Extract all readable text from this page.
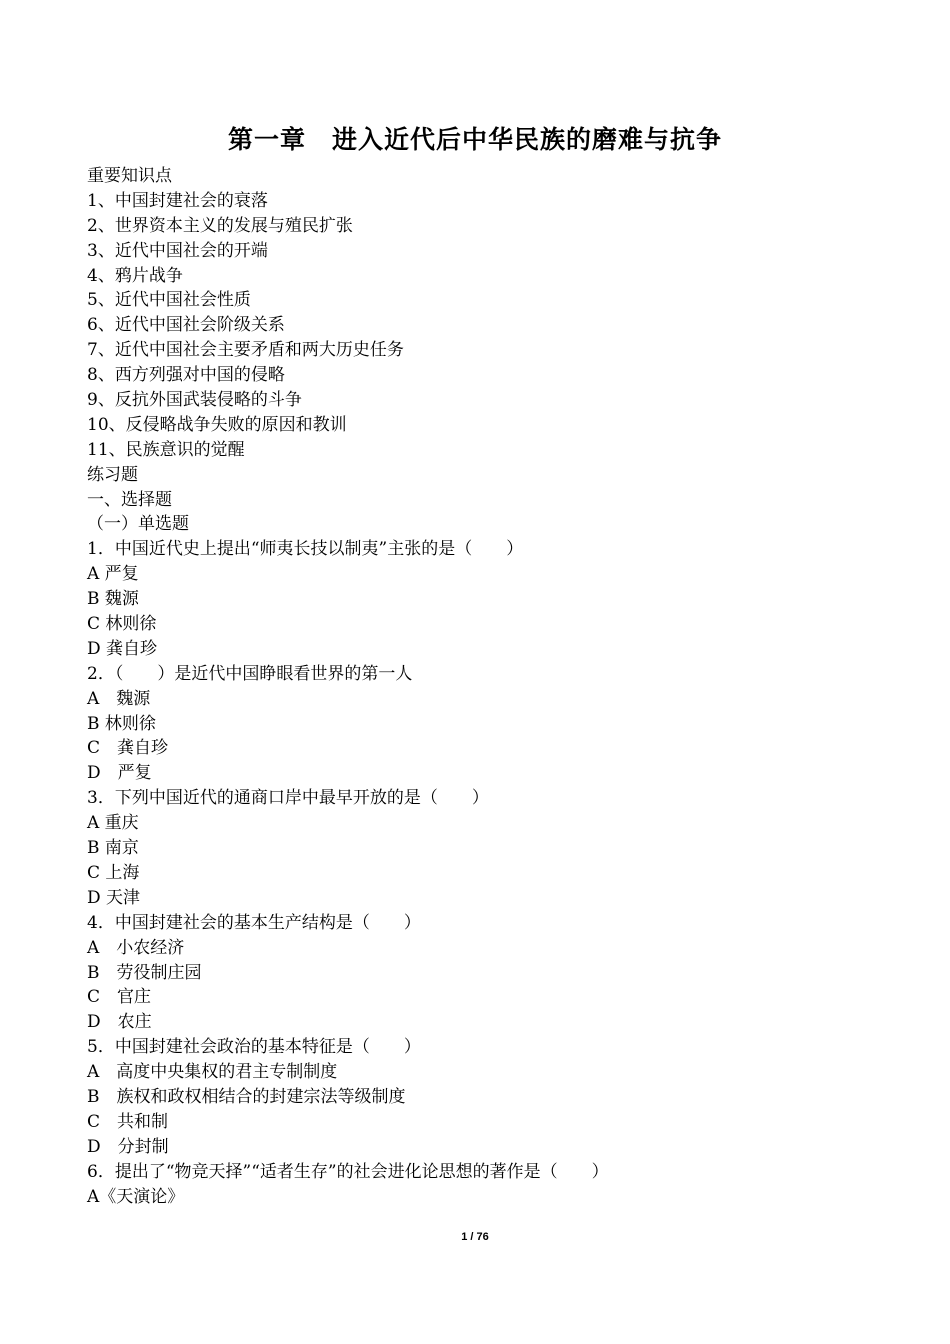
第一章　进入近代后中华民族的磨难与抗争
重要知识点
1、中国封建社会的衰落
2、世界资本主义的发展与殖民扩张
3、近代中国社会的开端
4、鸦片战争
5、近代中国社会性质
6、近代中国社会阶级关系
7、近代中国社会主要矛盾和两大历史任务
8、西方列强对中国的侵略
9、反抗外国武装侵略的斗争
10、反侵略战争失败的原因和教训
11、民族意识的觉醒
练习题
一、选择题
（一）单选题
1．中国近代史上提出“师夷长技以制夷”主张的是（　　）
A 严复
B 魏源
C 林则徐
D 龚自珍
2．（　　）是近代中国睁眼看世界的第一人
A　魏源
B 林则徐
C　龚自珍
D　严复
3．下列中国近代的通商口岸中最早开放的是（　　）
A 重庆
B 南京
C 上海
D 天津
4．中国封建社会的基本生产结构是（　　）
A　小农经济
B　劳役制庄园
C　官庄
D　农庄
5．中国封建社会政治的基本特征是（　　）
A　高度中央集权的君主专制制度
B　族权和政权相结合的封建宗法等级制度
C　共和制
D　分封制
6．提出了“物竞天择”“适者生存”的社会进化论思想的著作是（　　）
A《天演论》
1 / 76
